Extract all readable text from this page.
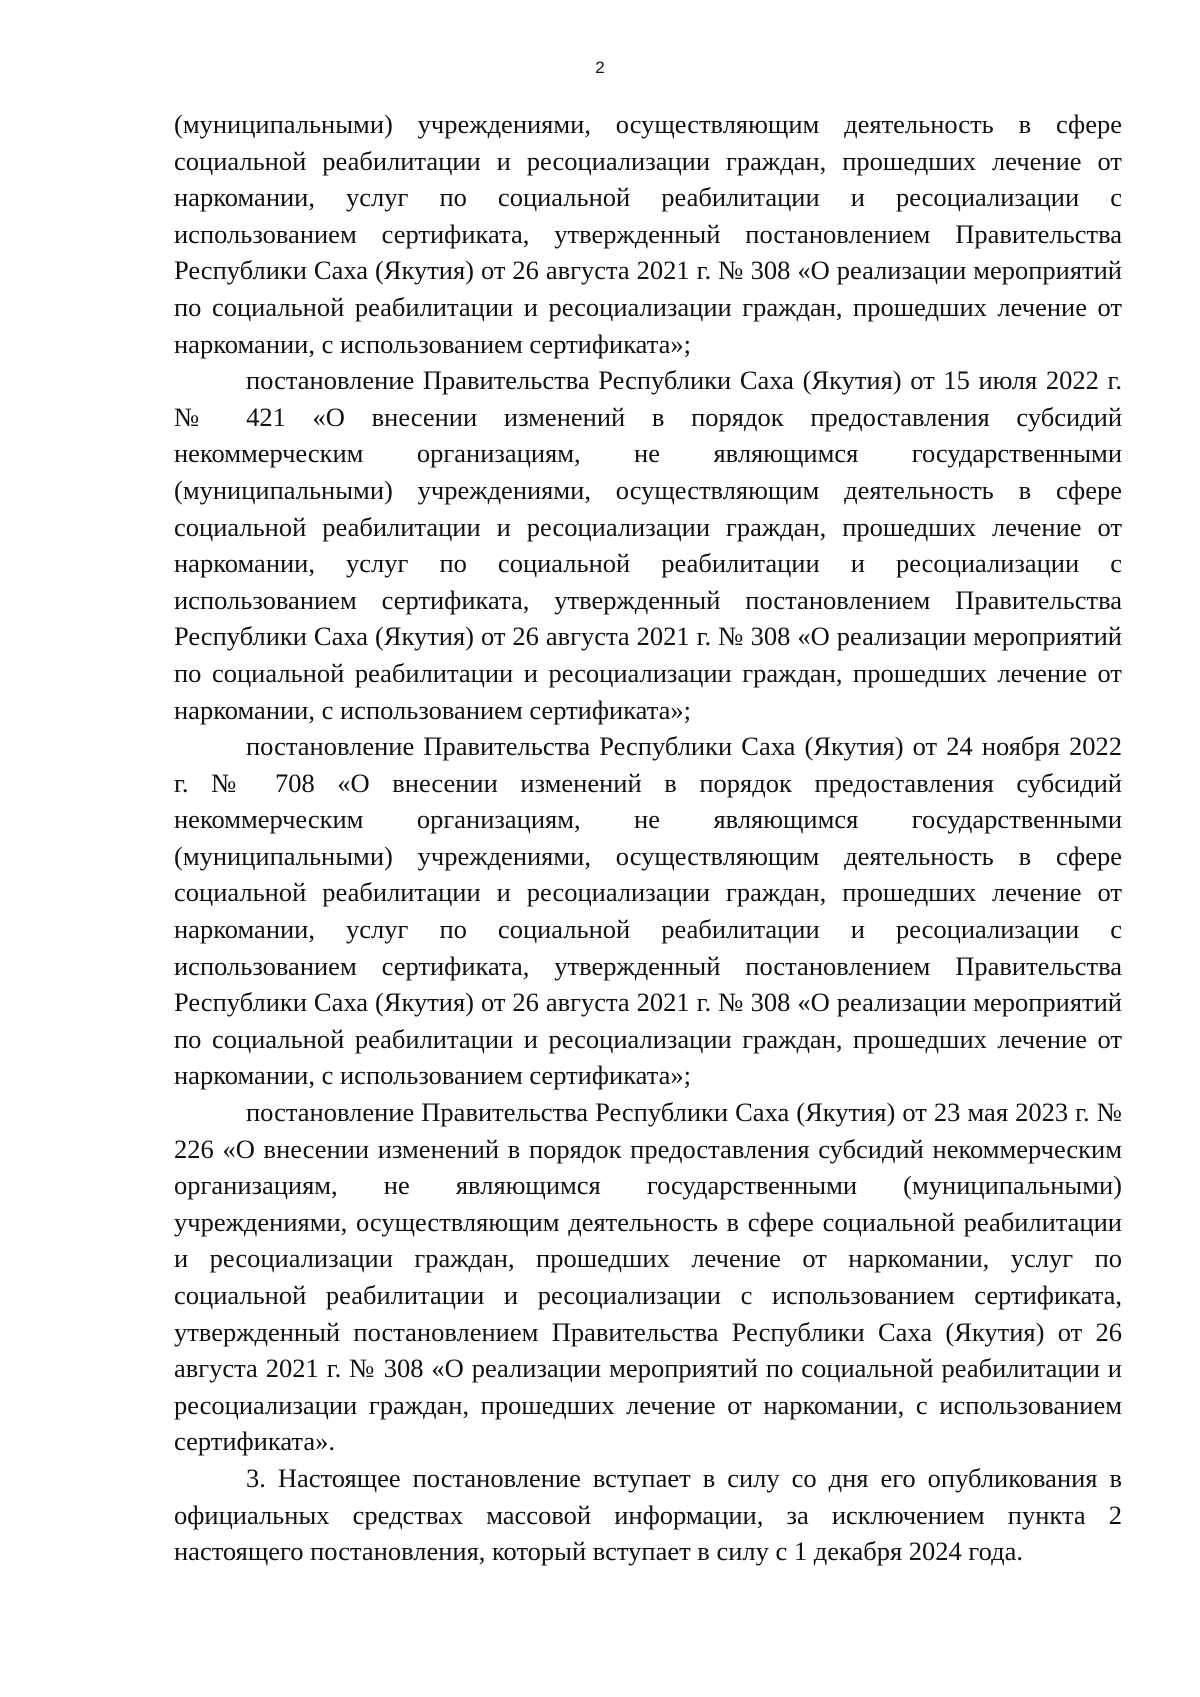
2

(муниципальными) учреждениями, осуществляющим деятельность в сфере социальной реабилитации и ресоциализации граждан, прошедших лечение от наркомании, услуг по социальной реабилитации и ресоциализации с использованием сертификата, утвержденный постановлением Правительства Республики Саха (Якутия) от 26 августа 2021 г. № 308 «О реализации мероприятий по социальной реабилитации и ресоциализации граждан, прошедших лечение от наркомании, с использованием сертификата»;

постановление Правительства Республики Саха (Якутия) от 15 июля 2022 г. № 421 «О внесении изменений в порядок предоставления субсидий некоммерческим организациям, не являющимся государственными (муниципальными) учреждениями, осуществляющим деятельность в сфере социальной реабилитации и ресоциализации граждан, прошедших лечение от наркомании, услуг по социальной реабилитации и ресоциализации с использованием сертификата, утвержденный постановлением Правительства Республики Саха (Якутия) от 26 августа 2021 г. № 308 «О реализации мероприятий по социальной реабилитации и ресоциализации граждан, прошедших лечение от наркомании, с использованием сертификата»;

постановление Правительства Республики Саха (Якутия) от 24 ноября 2022 г. № 708 «О внесении изменений в порядок предоставления субсидий некоммерческим организациям, не являющимся государственными (муниципальными) учреждениями, осуществляющим деятельность в сфере социальной реабилитации и ресоциализации граждан, прошедших лечение от наркомании, услуг по социальной реабилитации и ресоциализации с использованием сертификата, утвержденный постановлением Правительства Республики Саха (Якутия) от 26 августа 2021 г. № 308 «О реализации мероприятий по социальной реабилитации и ресоциализации граждан, прошедших лечение от наркомании, с использованием сертификата»;

постановление Правительства Республики Саха (Якутия) от 23 мая 2023 г. № 226 «О внесении изменений в порядок предоставления субсидий некоммерческим организациям, не являющимся государственными (муниципальными) учреждениями, осуществляющим деятельность в сфере социальной реабилитации и ресоциализации граждан, прошедших лечение от наркомании, услуг по социальной реабилитации и ресоциализации с использованием сертификата, утвержденный постановлением Правительства Республики Саха (Якутия) от 26 августа 2021 г. № 308 «О реализации мероприятий по социальной реабилитации и ресоциализации граждан, прошедших лечение от наркомании, с использованием сертификата».

3. Настоящее постановление вступает в силу со дня его опубликования в официальных средствах массовой информации, за исключением пункта 2 настоящего постановления, который вступает в силу с 1 декабря 2024 года.
